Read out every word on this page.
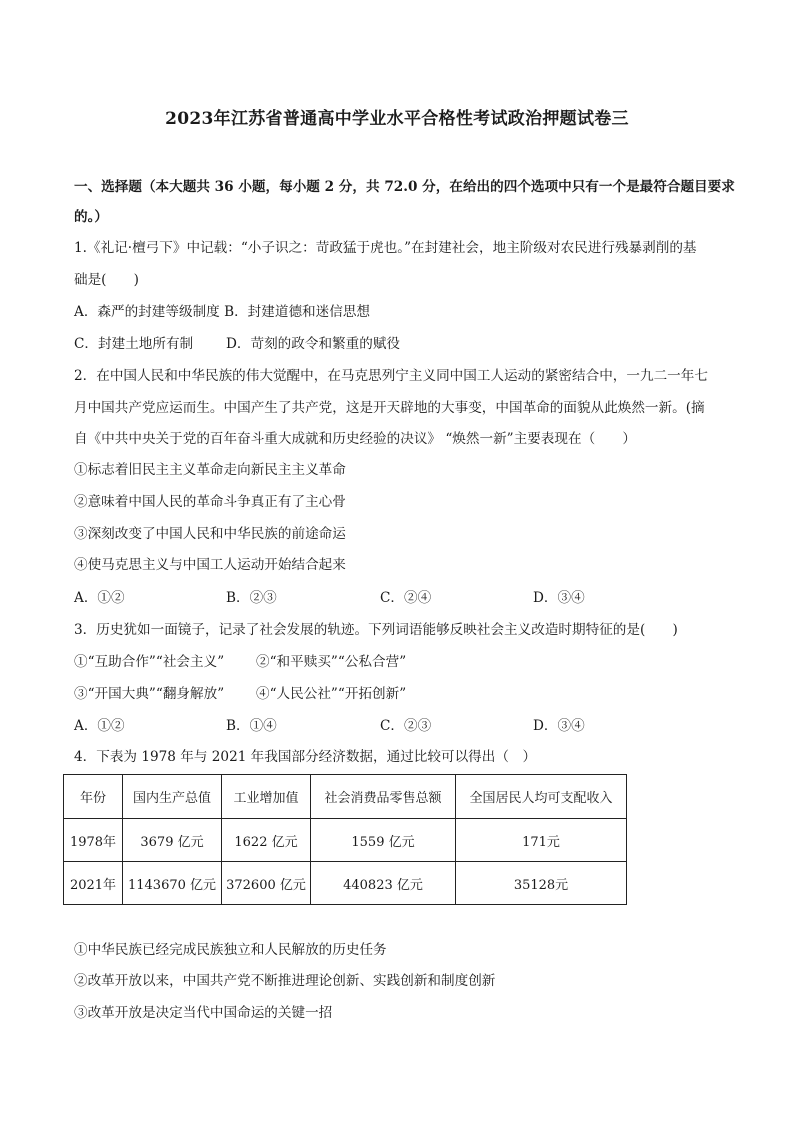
2023年江苏省普通高中学业水平合格性考试政治押题试卷三
一、选择题（本大题共 36 小题，每小题 2 分，共 72.0 分，在给出的四个选项中只有一个是最符合题目要求
的。）
1.《礼记·檀弓下》中记载：“小子识之：苛政猛于虎也。”在封建社会，地主阶级对农民进行残暴剥削的基
础是(　　)
A．森严的封建等级制度 B．封建道德和迷信思想
C．封建土地所有制 D．苛刻的政令和繁重的赋役
2．在中国人民和中华民族的伟大觉醒中，在马克思列宁主义同中国工人运动的紧密结合中，一九二一年七
月中国共产党应运而生。中国产生了共产党，这是开天辟地的大事变，中国革命的面貌从此焕然一新。(摘
自《中共中央关于党的百年奋斗重大成就和历史经验的决议》 “焕然一新”主要表现在（　　）
①标志着旧民主主义革命走向新民主主义革命
②意味着中国人民的革命斗争真正有了主心骨
③深刻改变了中国人民和中华民族的前途命运
④使马克思主义与中国工人运动开始结合起来
A．①②	B．②③	C．②④	D．③④
3．历史犹如一面镜子，记录了社会发展的轨迹。下列词语能够反映社会主义改造时期特征的是(　　)
①“互助合作”“社会主义” ②“和平赎买”“公私合营”
③“开国大典”“翻身解放” ④“人民公社”“开拓创新”
A．①②	B．①④	C．②③	D．③④
4．下表为 1978 年与 2021 年我国部分经济数据，通过比较可以得出（　）
年份	国内生产总值	工业增加值	社会消费品零售总额	全国居民人均可支配收入
1978年	3679 亿元	1622 亿元	1559 亿元	171元
2021年	1143670 亿元	372600 亿元	440823 亿元	35128元
①中华民族已经完成民族独立和人民解放的历史任务
②改革开放以来，中国共产党不断推进理论创新、实践创新和制度创新
③改革开放是决定当代中国命运的关键一招
